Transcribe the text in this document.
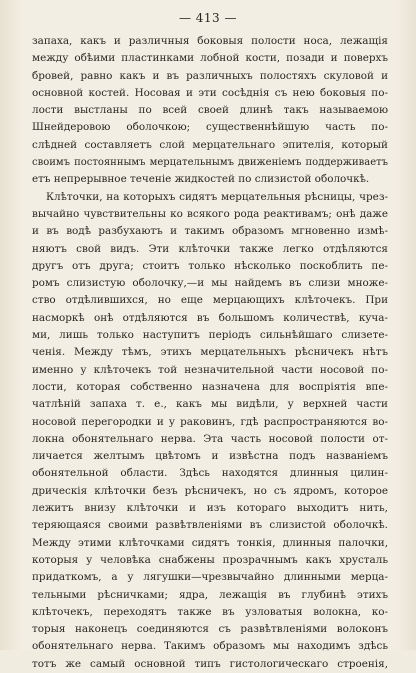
— 413 —
запаха, какъ и различныя боковыя полости носа, лежащія
между обѣими пластинками лобной кости, позади и поверхъ
бровей, равно какъ и въ различныхъ полостяхъ скуловой и
основной костей. Носовая и эти сосѣднія съ нею боковыя по-
лости выстланы по всей своей длинѣ такъ называемою
Шнейдеровою оболочкою; существеннѣйшую часть по-
слѣдней составляетъ слой мерцательнаго эпителія, который
своимъ постояннымъ мерцательнымъ движеніемъ поддерживаетъ
етъ непрерывное теченіе жидкостей по слизистой оболочкѣ.
Клѣточки, на которыхъ сидятъ мерцательныя рѣсницы, чрез-
вычайно чувствительны ко всякого рода реактивамъ; онѣ даже
и въ водѣ разбухаютъ и такимъ образомъ мгновенно измѣ-
няютъ свой видъ. Эти клѣточки также легко отдѣляются
другъ отъ друга; стоитъ только нѣсколько поскоблить пе-
ромъ слизистую оболочку,—и мы найдемъ въ слизи множе-
ство отдѣлившихся, но еще мерцающихъ клѣточекъ. При
насморкѣ онѣ отдѣляются въ большомъ количествѣ, куча-
ми, лишь только наступитъ періодъ сильнѣйшаго слизете-
ченія. Между тѣмъ, этихъ мерцательныхъ рѣсничекъ нѣтъ
именно у клѣточекъ той незначительной части носовой по-
лости, которая собственно назначена для воспріятія впе-
чатлѣній запаха т. е., какъ мы видѣли, у верхней части
носовой перегородки и у раковинъ, гдѣ распространяются во-
локна обонятельнаго нерва. Эта часть носовой полости от-
личается желтымъ цвѣтомъ и извѣстна подъ названіемъ
обонятельной области. Здѣсь находятся длинныя цилин-
дрическія клѣточки безъ рѣсничекъ, но съ ядромъ, которое
лежитъ внизу клѣточки и изъ котораго выходитъ нить,
теряющаяся своими развѣтвленіями въ слизистой оболочкѣ.
Между этими клѣточками сидятъ тонкія, длинныя палочки,
которыя у человѣка снабжены прозрачнымъ какъ хрусталь
придаткомъ, а у лягушки—чрезвычайно длинными мерца-
тельными рѣсничками; ядра, лежащія въ глубинѣ этихъ
клѣточекъ, переходятъ также въ узловатыя волокна, ко-
торыя наконецъ соединяются съ развѣтвленіями волоконъ
обонятельнаго нерва. Такимъ образомъ мы находимъ здѣсь
тотъ же самый основной типъ гистологическаго строенія,
